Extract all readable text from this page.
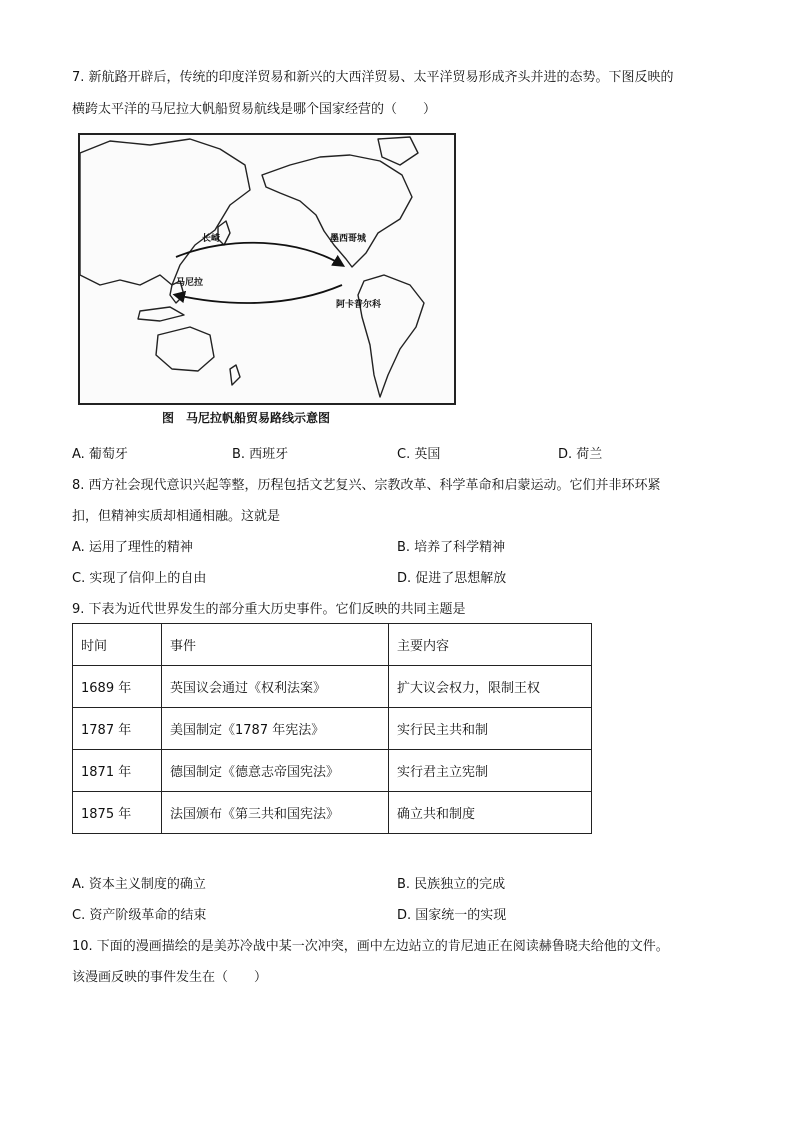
7. 新航路开辟后，传统的印度洋贸易和新兴的大西洋贸易、太平洋贸易形成齐头并进的态势。下图反映的
横跨太平洋的马尼拉大帆船贸易航线是哪个国家经营的（　　）
长崎
马尼拉
墨西哥城
阿卡普尔科
图　马尼拉帆船贸易路线示意图
A. 葡萄牙	B. 西班牙	C. 英国	D. 荷兰
8. 西方社会现代意识兴起等整，历程包括文艺复兴、宗教改革、科学革命和启蒙运动。它们并非环环紧
扣，但精神实质却相通相融。这就是
A. 运用了理性的精神	B. 培养了科学精神
C. 实现了信仰上的自由	D. 促进了思想解放
9. 下表为近代世界发生的部分重大历史事件。它们反映的共同主题是
时间	事件	主要内容
1689 年	英国议会通过《权利法案》	扩大议会权力，限制王权
1787 年	美国制定《1787 年宪法》	实行民主共和制
1871 年	德国制定《德意志帝国宪法》	实行君主立宪制
1875 年	法国颁布《第三共和国宪法》	确立共和制度
A. 资本主义制度的确立	B. 民族独立的完成
C. 资产阶级革命的结束	D. 国家统一的实现
10. 下面的漫画描绘的是美苏冷战中某一次冲突，画中左边站立的肯尼迪正在阅读赫鲁晓夫给他的文件。
该漫画反映的事件发生在（　　）
